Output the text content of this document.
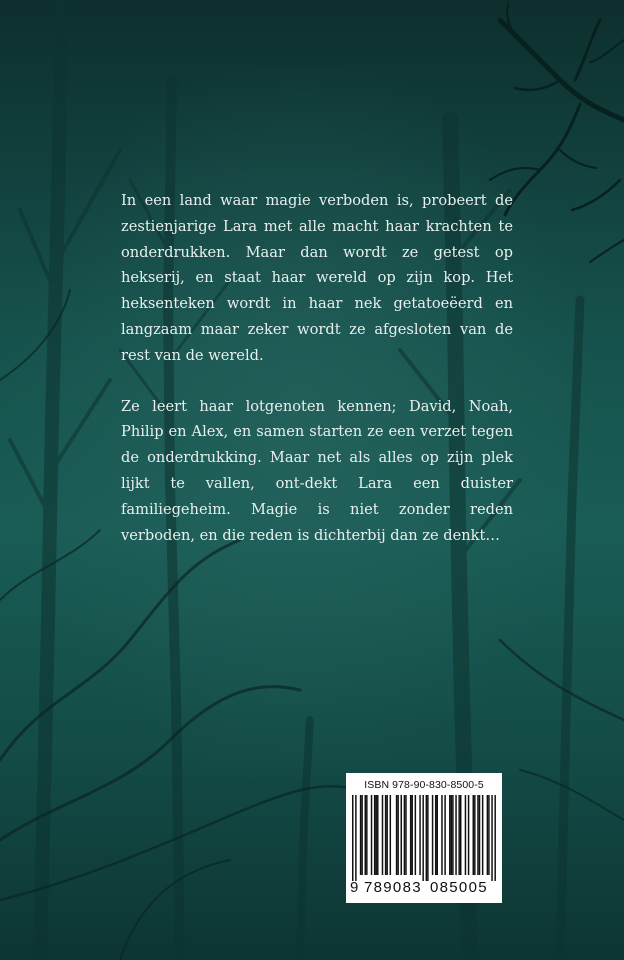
In een land waar magie verboden is, probeert de zestienjarige Lara met alle macht haar krachten te onderdrukken. Maar dan wordt ze getest op hekserij, en staat haar wereld op zijn kop. Het heksenteken wordt in haar nek getatoeëerd en langzaam maar zeker wordt ze afgesloten van de rest van de wereld.

Ze leert haar lotgenoten kennen; David, Noah, Philip en Alex, en samen starten ze een verzet tegen de onderdrukking. Maar net als alles op zijn plek lijkt te vallen, ont-dekt Lara een duister familiegeheim. Magie is niet zonder reden verboden, en die reden is dichterbij dan ze denkt…

ISBN 978-90-830-8500-5
9 789083 085005
